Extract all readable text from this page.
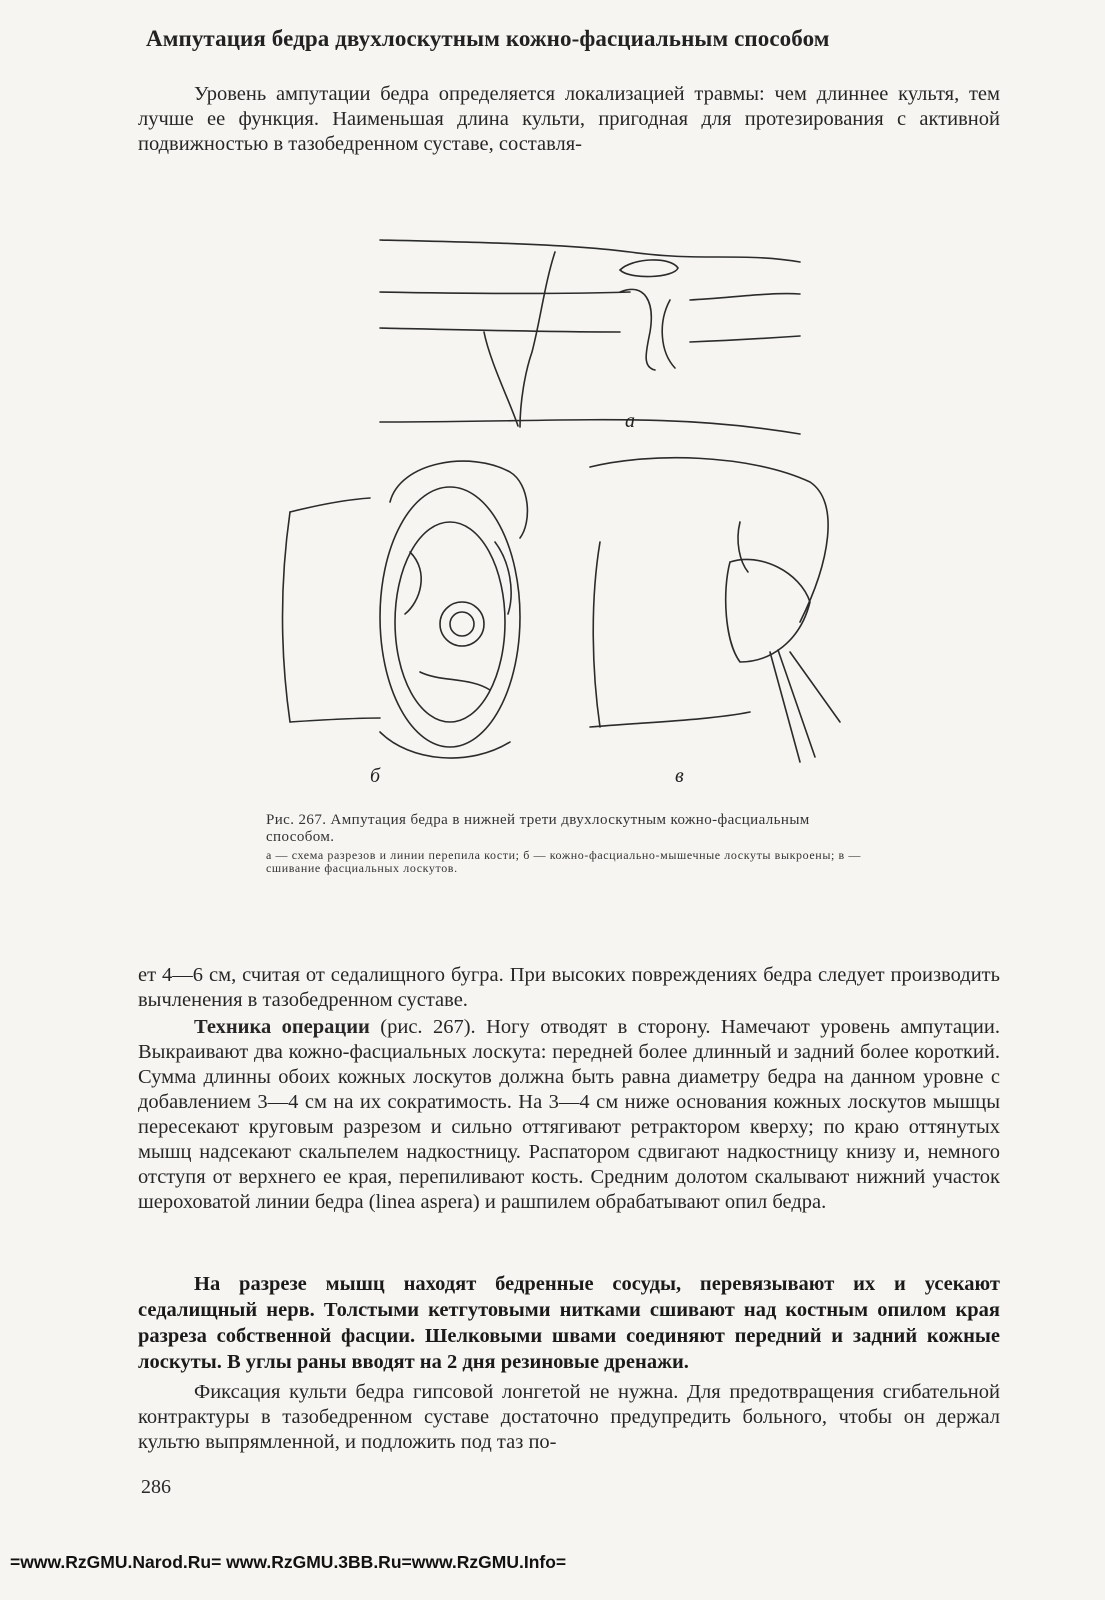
Ампутация бедра двухлоскутным кожно-фасциальным способом

Уровень ампутации бедра определяется локализацией травмы: чем длиннее культя, тем лучше ее функция. Наименьшая длина культи, пригодная для протезирования с активной подвижностью в тазобедренном суставе, составля-

а
б	в

Рис. 267. Ампутация бедра в нижней трети двухлоскутным кожно-фасциальным способом.

а — схема разрезов и линии перепила кости; б — кожно-фасциально-мышечные лоскуты выкроены; в — сшивание фасциальных лоскутов.

ет 4—6 см, считая от седалищного бугра. При высоких повреждениях бедра следует производить вычленения в тазобедренном суставе.

Техника операции (рис. 267). Ногу отводят в сторону. Намечают уровень ампутации. Выкраивают два кожно-фасциальных лоскута: передней более длинный и задний более короткий. Сумма длинны обоих кожных лоскутов должна быть равна диаметру бедра на данном уровне с добавлением 3—4 см на их сократимость. На 3—4 см ниже основания кожных лоскутов мышцы пересекают круговым разрезом и сильно оттягивают ретрактором кверху; по краю оттянутых мышц надсекают скальпелем надкостницу. Распатором сдвигают надкостницу книзу и, немного отступя от верхнего ее края, перепиливают кость. Средним долотом скалывают нижний участок шероховатой линии бедра (linea aspera) и рашпилем обрабатывают опил бедра.

На разрезе мышц находят бедренные сосуды, перевязывают их и усекают седалищный нерв. Толстыми кетгутовыми нитками сшивают над костным опилом края разреза собственной фасции. Шелковыми швами соединяют передний и задний кожные лоскуты. В углы раны вводят на 2 дня резиновые дренажи.

Фиксация культи бедра гипсовой лонгетой не нужна. Для предотвращения сгибательной контрактуры в тазобедренном суставе достаточно предупредить больного, чтобы он держал культю выпрямленной, и подложить под таз по-

286
=www.RzGMU.Narod.Ru= www.RzGMU.3BB.Ru=www.RzGMU.Info=
